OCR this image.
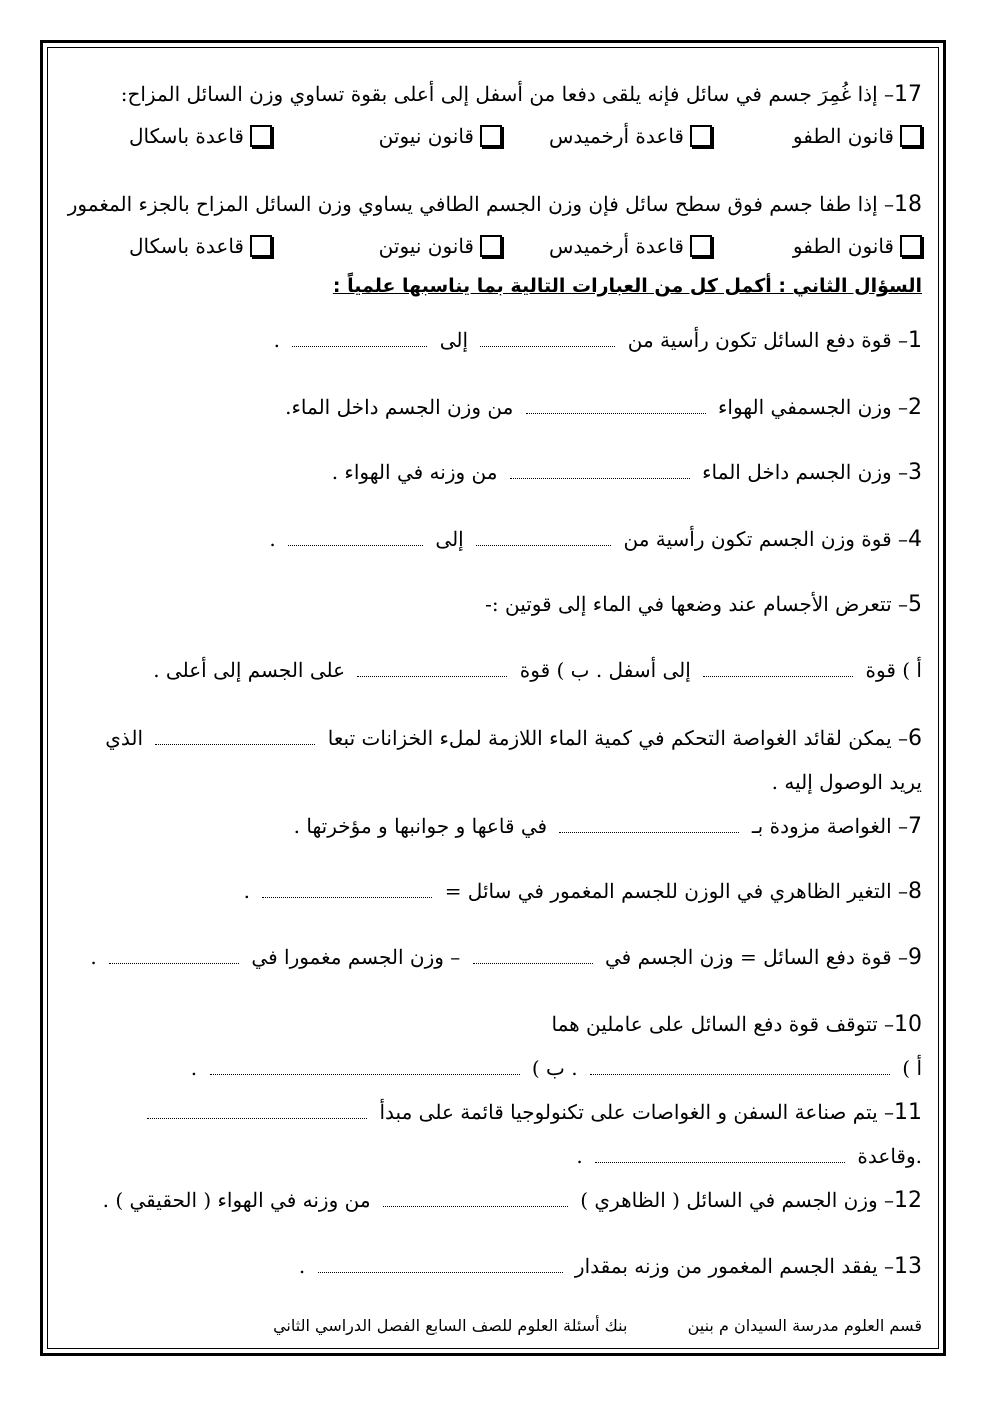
17– إذا غُمِرَ جسم في سائل فإنه يلقى دفعا من أسفل إلى أعلى بقوة تساوي وزن السائل المزاح:
قانون الطفو
قاعدة أرخميدس
قانون نيوتن
قاعدة باسكال
18– إذا طفا جسم فوق سطح سائل فإن وزن الجسم الطافي يساوي وزن السائل المزاح بالجزء المغمور
قانون الطفو
قاعدة أرخميدس
قانون نيوتن
قاعدة باسكال
السؤال الثاني : أكمل كل من العبارات التالية بما يناسبها علمياً :
1– قوة دفع السائل تكون رأسية من  إلى  .
2– وزن الجسمفي الهواء  من وزن الجسم داخل الماء.
3– وزن الجسم داخل الماء  من وزنه في الهواء .
4– قوة وزن الجسم تكون رأسية من  إلى  .
5– تتعرض الأجسام عند وضعها في الماء إلى قوتين :-
أ ) قوة  إلى أسفل . ب ) قوة  على الجسم إلى أعلى .
6– يمكن لقائد الغواصة التحكم في كمية الماء اللازمة لملء الخزانات تبعا  الذي
يريد الوصول إليه .
7– الغواصة مزودة بـ  في قاعها و جوانبها و مؤخرتها .
8– التغير الظاهري في الوزن للجسم المغمور في سائل =  .
9– قوة دفع السائل = وزن الجسم في  – وزن الجسم مغمورا في  .
10– تتوقف قوة دفع السائل على عاملين هما
أ )  . ب )  .
11– يتم صناعة السفن و الغواصات على تكنولوجيا قائمة على مبدأ
.وقاعدة  .
12– وزن الجسم في السائل ( الظاهري )  من وزنه في الهواء ( الحقيقي ) .
13– يفقد الجسم المغمور من وزنه بمقدار  .
قسم العلوم مدرسة السيدان م بنين  بنك أسئلة العلوم للصف السابع الفصل الدراسي الثاني
